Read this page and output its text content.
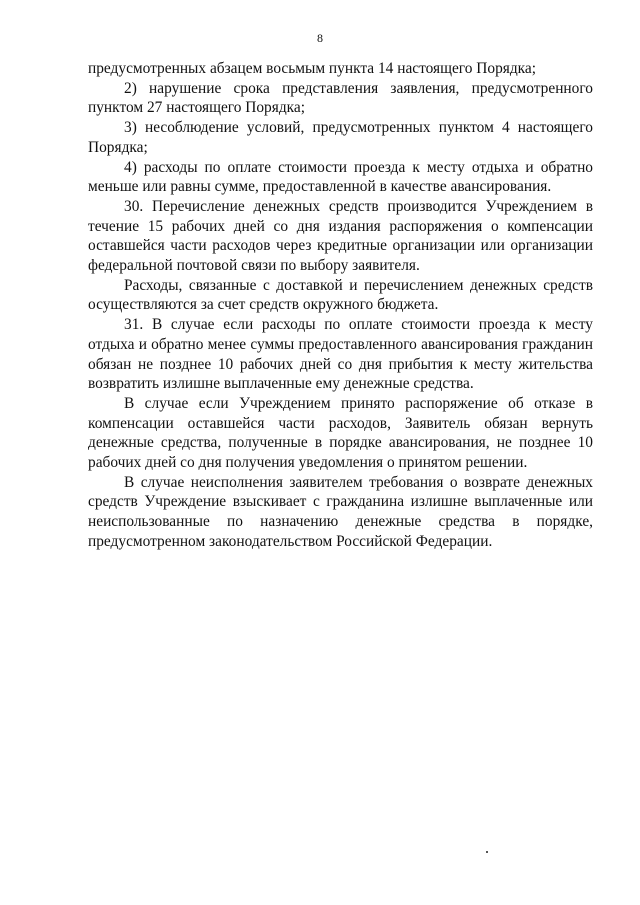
8

предусмотренных абзацем восьмым пункта 14 настоящего Порядка;

2) нарушение срока представления заявления, предусмотренного пунктом 27 настоящего Порядка;

3) несоблюдение условий, предусмотренных пунктом 4 настоящего Порядка;

4) расходы по оплате стоимости проезда к месту отдыха и обратно меньше или равны сумме, предоставленной в качестве авансирования.

30. Перечисление денежных средств производится Учреждением в течение 15 рабочих дней со дня издания распоряжения о компенсации оставшейся части расходов через кредитные организации или организации федеральной почтовой связи по выбору заявителя.

Расходы, связанные с доставкой и перечислением денежных средств осуществляются за счет средств окружного бюджета.

31. В случае если расходы по оплате стоимости проезда к месту отдыха и обратно менее суммы предоставленного авансирования гражданин обязан не позднее 10 рабочих дней со дня прибытия к месту жительства возвратить излишне выплаченные ему денежные средства.

В случае если Учреждением принято распоряжение об отказе в компенсации оставшейся части расходов, Заявитель обязан вернуть денежные средства, полученные в порядке авансирования, не позднее 10 рабочих дней со дня получения уведомления о принятом решении.

В случае неисполнения заявителем требования о возврате денежных средств Учреждение взыскивает с гражданина излишне выплаченные или неиспользованные по назначению денежные средства в порядке, предусмотренном законодательством Российской Федерации.
